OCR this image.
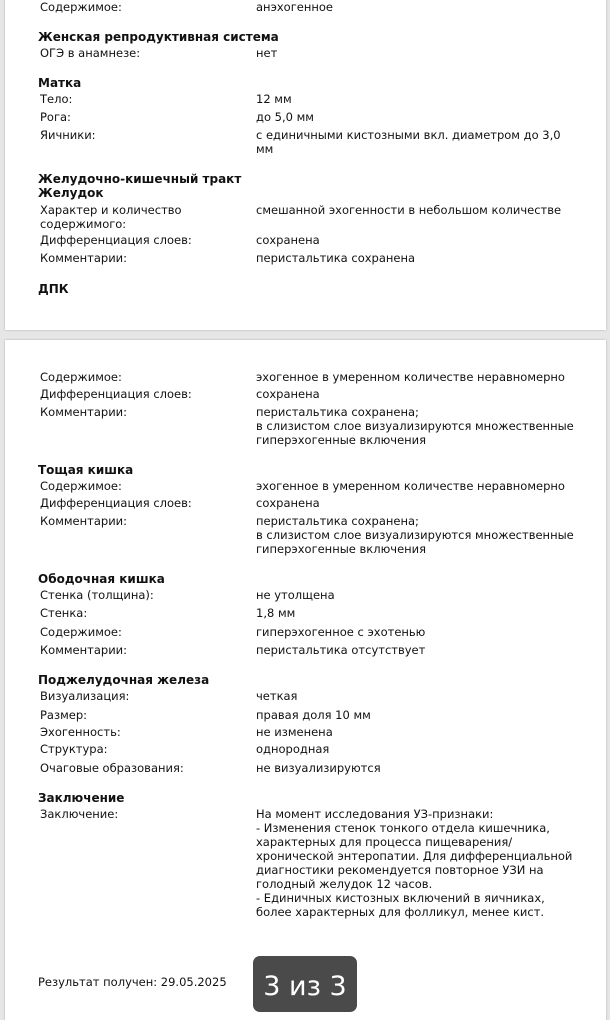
Содержимое:	анэхогенное
Женская репродуктивная система
ОГЭ в анамнезе:	нет
Матка
Тело:	12 мм
Рога:	до 5,0 мм
Яичники:	с единичными кистозными вкл. диаметром до 3,0
мм
Желудочно-кишечный тракт
Желудок
Характер и количество
содержимого:
смешанной эхогенности в небольшом количестве
Дифференциация слоев:	сохранена
Комментарии:	перистальтика сохранена
ДПК
Содержимое:	эхогенное в умеренном количестве неравномерно
Дифференциация слоев:	сохранена
Комментарии:	перистальтика сохранена;
в слизистом слое визуализируются множественные
гиперэхогенные включения
Тощая кишка
Содержимое:	эхогенное в умеренном количестве неравномерно
Дифференциация слоев:	сохранена
Комментарии:	перистальтика сохранена;
в слизистом слое визуализируются множественные
гиперэхогенные включения
Ободочная кишка
Стенка (толщина):	не утолщена
Стенка:	1,8 мм
Содержимое:	гиперэхогенное с эхотенью
Комментарии:	перистальтика отсутствует
Поджелудочная железа
Визуализация:	четкая
Размер:	правая доля 10 мм
Эхогенность:	не изменена
Структура:	однородная
Очаговые образования:	не визуализируются
Заключение
Заключение:	На момент исследования УЗ-признаки:
- Изменения стенок тонкого отдела кишечника,
характерных для процесса пищеварения/
хронической энтеропатии. Для дифференциальной
диагностики рекомендуется повторное УЗИ на
голодный желудок 12 часов.
- Единичных кистозных включений в яичниках,
более характерных для фолликул, менее кист.
Результат получен: 29.05.2025	3 из 3
